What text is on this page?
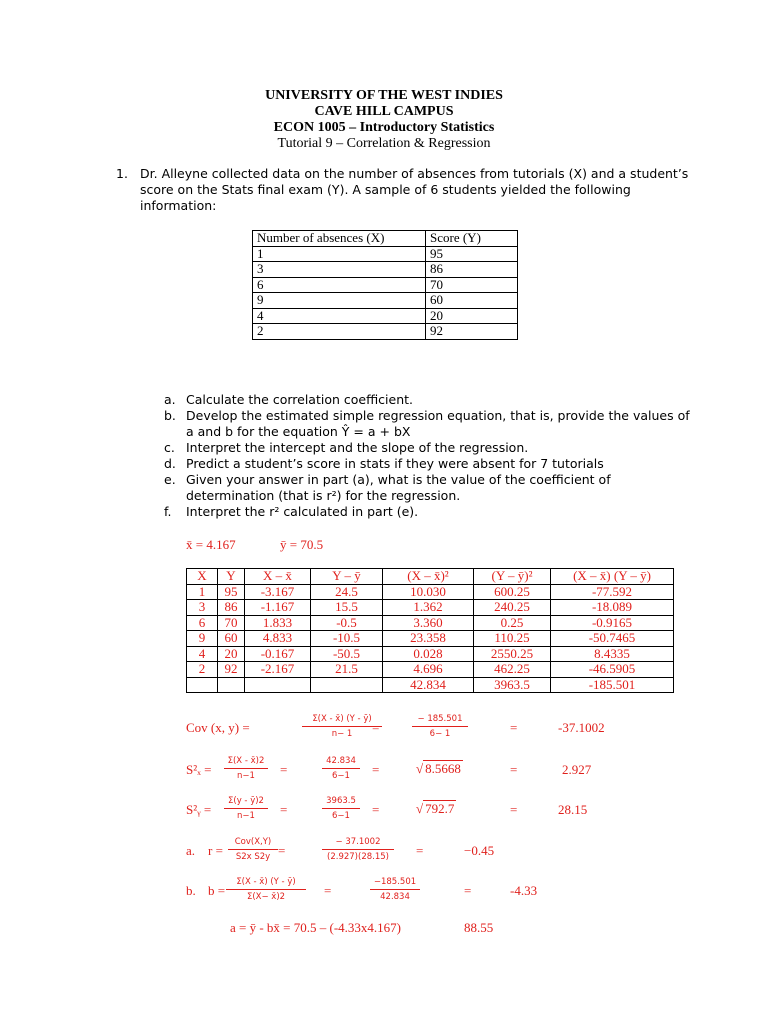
UNIVERSITY OF THE WEST INDIES
CAVE HILL CAMPUS
ECON 1005 – Introductory Statistics
Tutorial 9 – Correlation & Regression
1. Dr. Alleyne collected data on the number of absences from tutorials (X) and a student’s
score on the Stats final exam (Y). A sample of 6 students yielded the following
information:
Number of absences (X)	Score (Y)
1	95
3	86
6	70
9	60
4	20
2	92
a. Calculate the correlation coefficient.
b. Develop the estimated simple regression equation, that is, provide the values of
a and b for the equation Ŷ = a + bX
c. Interpret the intercept and the slope of the regression.
d. Predict a student’s score in stats if they were absent for 7 tutorials
e. Given your answer in part (a), what is the value of the coefficient of
determination (that is r²) for the regression.
f. Interpret the r² calculated in part (e).
x̄ = 4.167	ȳ = 70.5
X	Y	X – x̄	Y – ȳ	(X – x̄)²	(Y – ȳ)²	(X – x̄) (Y – ȳ)
1	95	-3.167	24.5	10.030	600.25	-77.592
3	86	-1.167	15.5	1.362	240.25	-18.089
6	70	1.833	-0.5	3.360	0.25	-0.9165
9	60	4.833	-10.5	23.358	110.25	-50.7465
4	20	-0.167	-50.5	0.028	2550.25	8.4335
2	92	-2.167	21.5	4.696	462.25	-46.5905
				42.834	3963.5	-185.501
Cov (x, y) =	$\frac{\Sigma(X - x̄) (Y - ȳ)}{n- 1}$
=	$\frac{- 185.501}{6- 1}$	=	-37.1002
$S^2_x = \frac{\Sigma(X - x̄)2}{n-1}$ =	$\frac{42.834}{6-1}$ =	√ 8.5668	=	2.927
S²ᵧ = $\frac{\Sigma(y - ȳ)2}{n-1}$ =	$\frac{3963.5}{6-1}$ =	√ 792.7	=	28.15
a. r =
Cov(X,Y)
S2x S2y =	$\frac{- 37.1002}{(2.927)(28.15)}$ =	−0.45
b. $b = \frac{\Sigma(X - x̄) (Y - ȳ)}{\Sigma(X- x̄)2}$ =	$\frac{-185.501}{42.834}$	=	-4.33
a = ȳ - bx̄ = 70.5 – (-4.33x4.167)	88.55
